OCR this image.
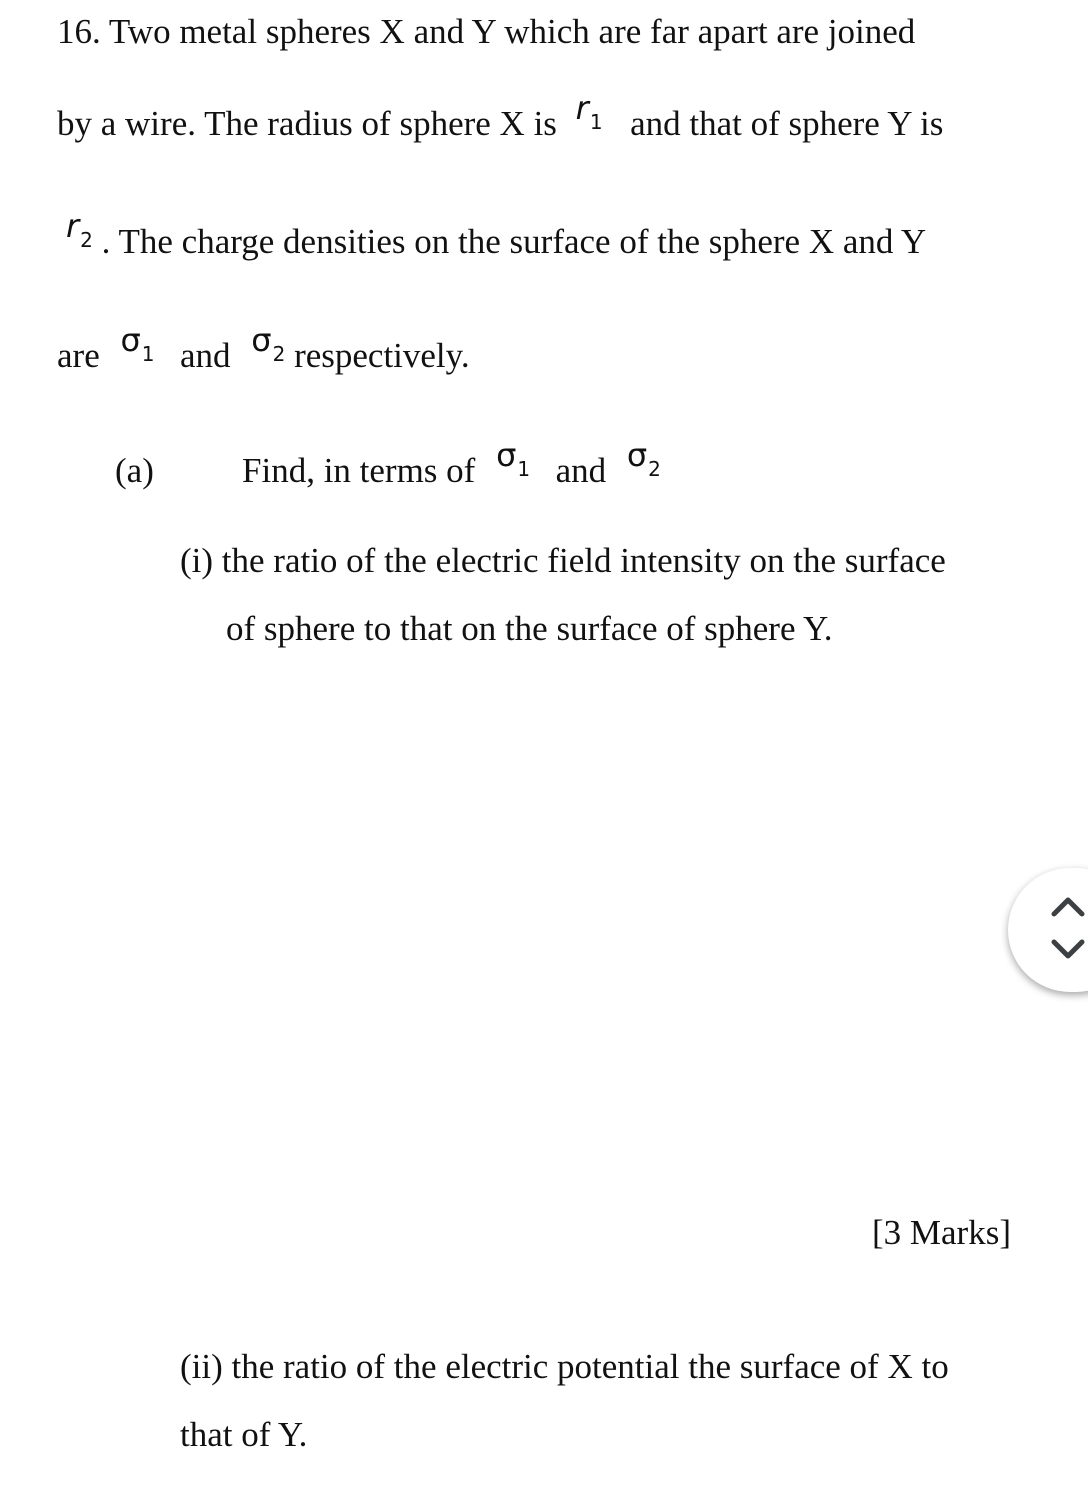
16. Two metal spheres X and Y which are far apart are joined
by a wire. The radius of sphere X is $r_1$ and that of sphere Y is
$r_2$ . The charge densities on the surface of the sphere X and Y
are $\sigma_1$ and $\sigma_2$ respectively.
(a)	Find, in terms of $\sigma_1$ and $\sigma_2$
(i) the ratio of the electric field intensity on the surface
of sphere to that on the surface of sphere Y.
[3 Marks]
(ii) the ratio of the electric potential the surface of X to
that of Y.
